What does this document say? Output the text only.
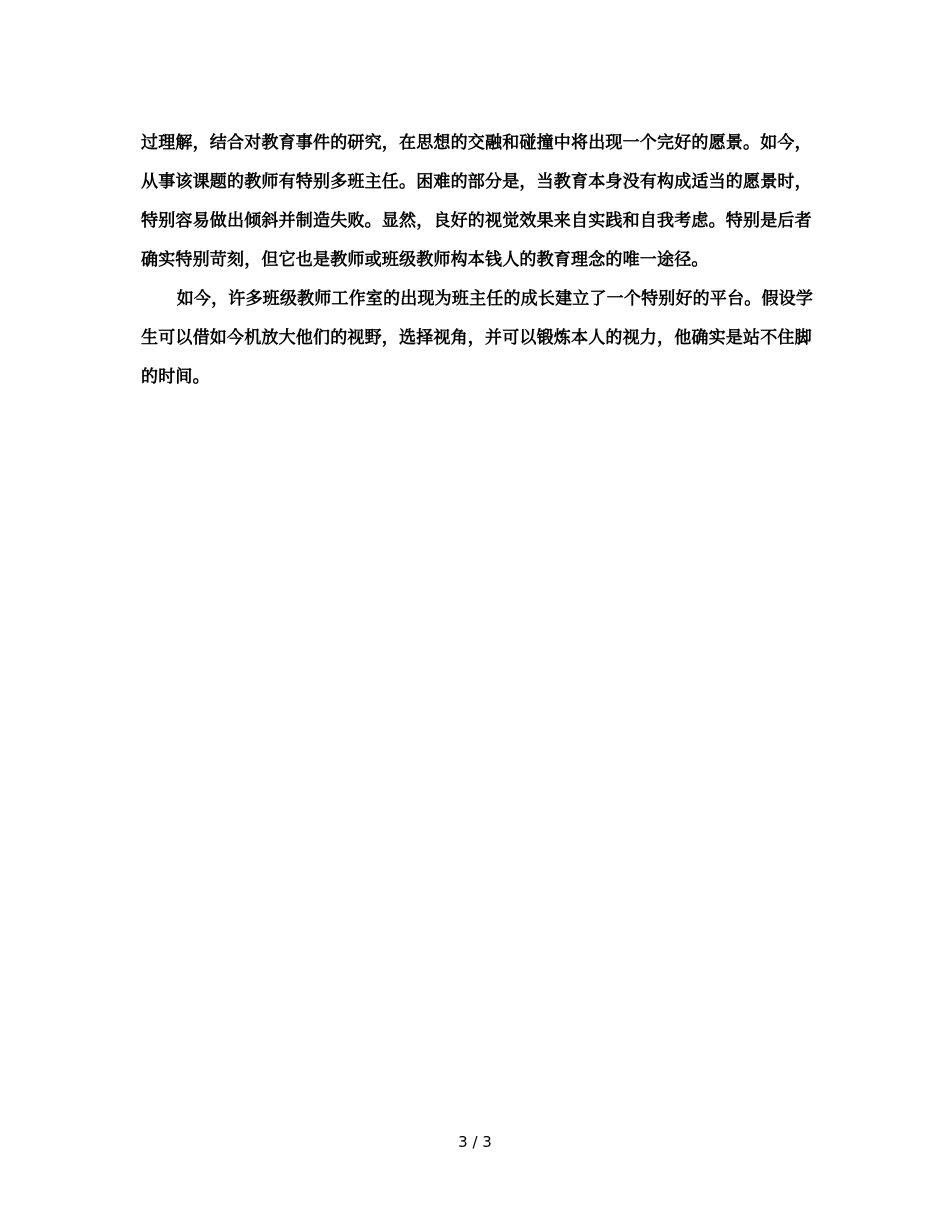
过理解，结合对教育事件的研究，在思想的交融和碰撞中将出现一个完好的愿景。如今，从事该课题的教师有特别多班主任。困难的部分是，当教育本身没有构成适当的愿景时，特别容易做出倾斜并制造失败。显然，良好的视觉效果来自实践和自我考虑。特别是后者确实特别苛刻，但它也是教师或班级教师构本钱人的教育理念的唯一途径。

如今，许多班级教师工作室的出现为班主任的成长建立了一个特别好的平台。假设学生可以借如今机放大他们的视野，选择视角，并可以锻炼本人的视力，他确实是站不住脚的时间。

3 / 3
